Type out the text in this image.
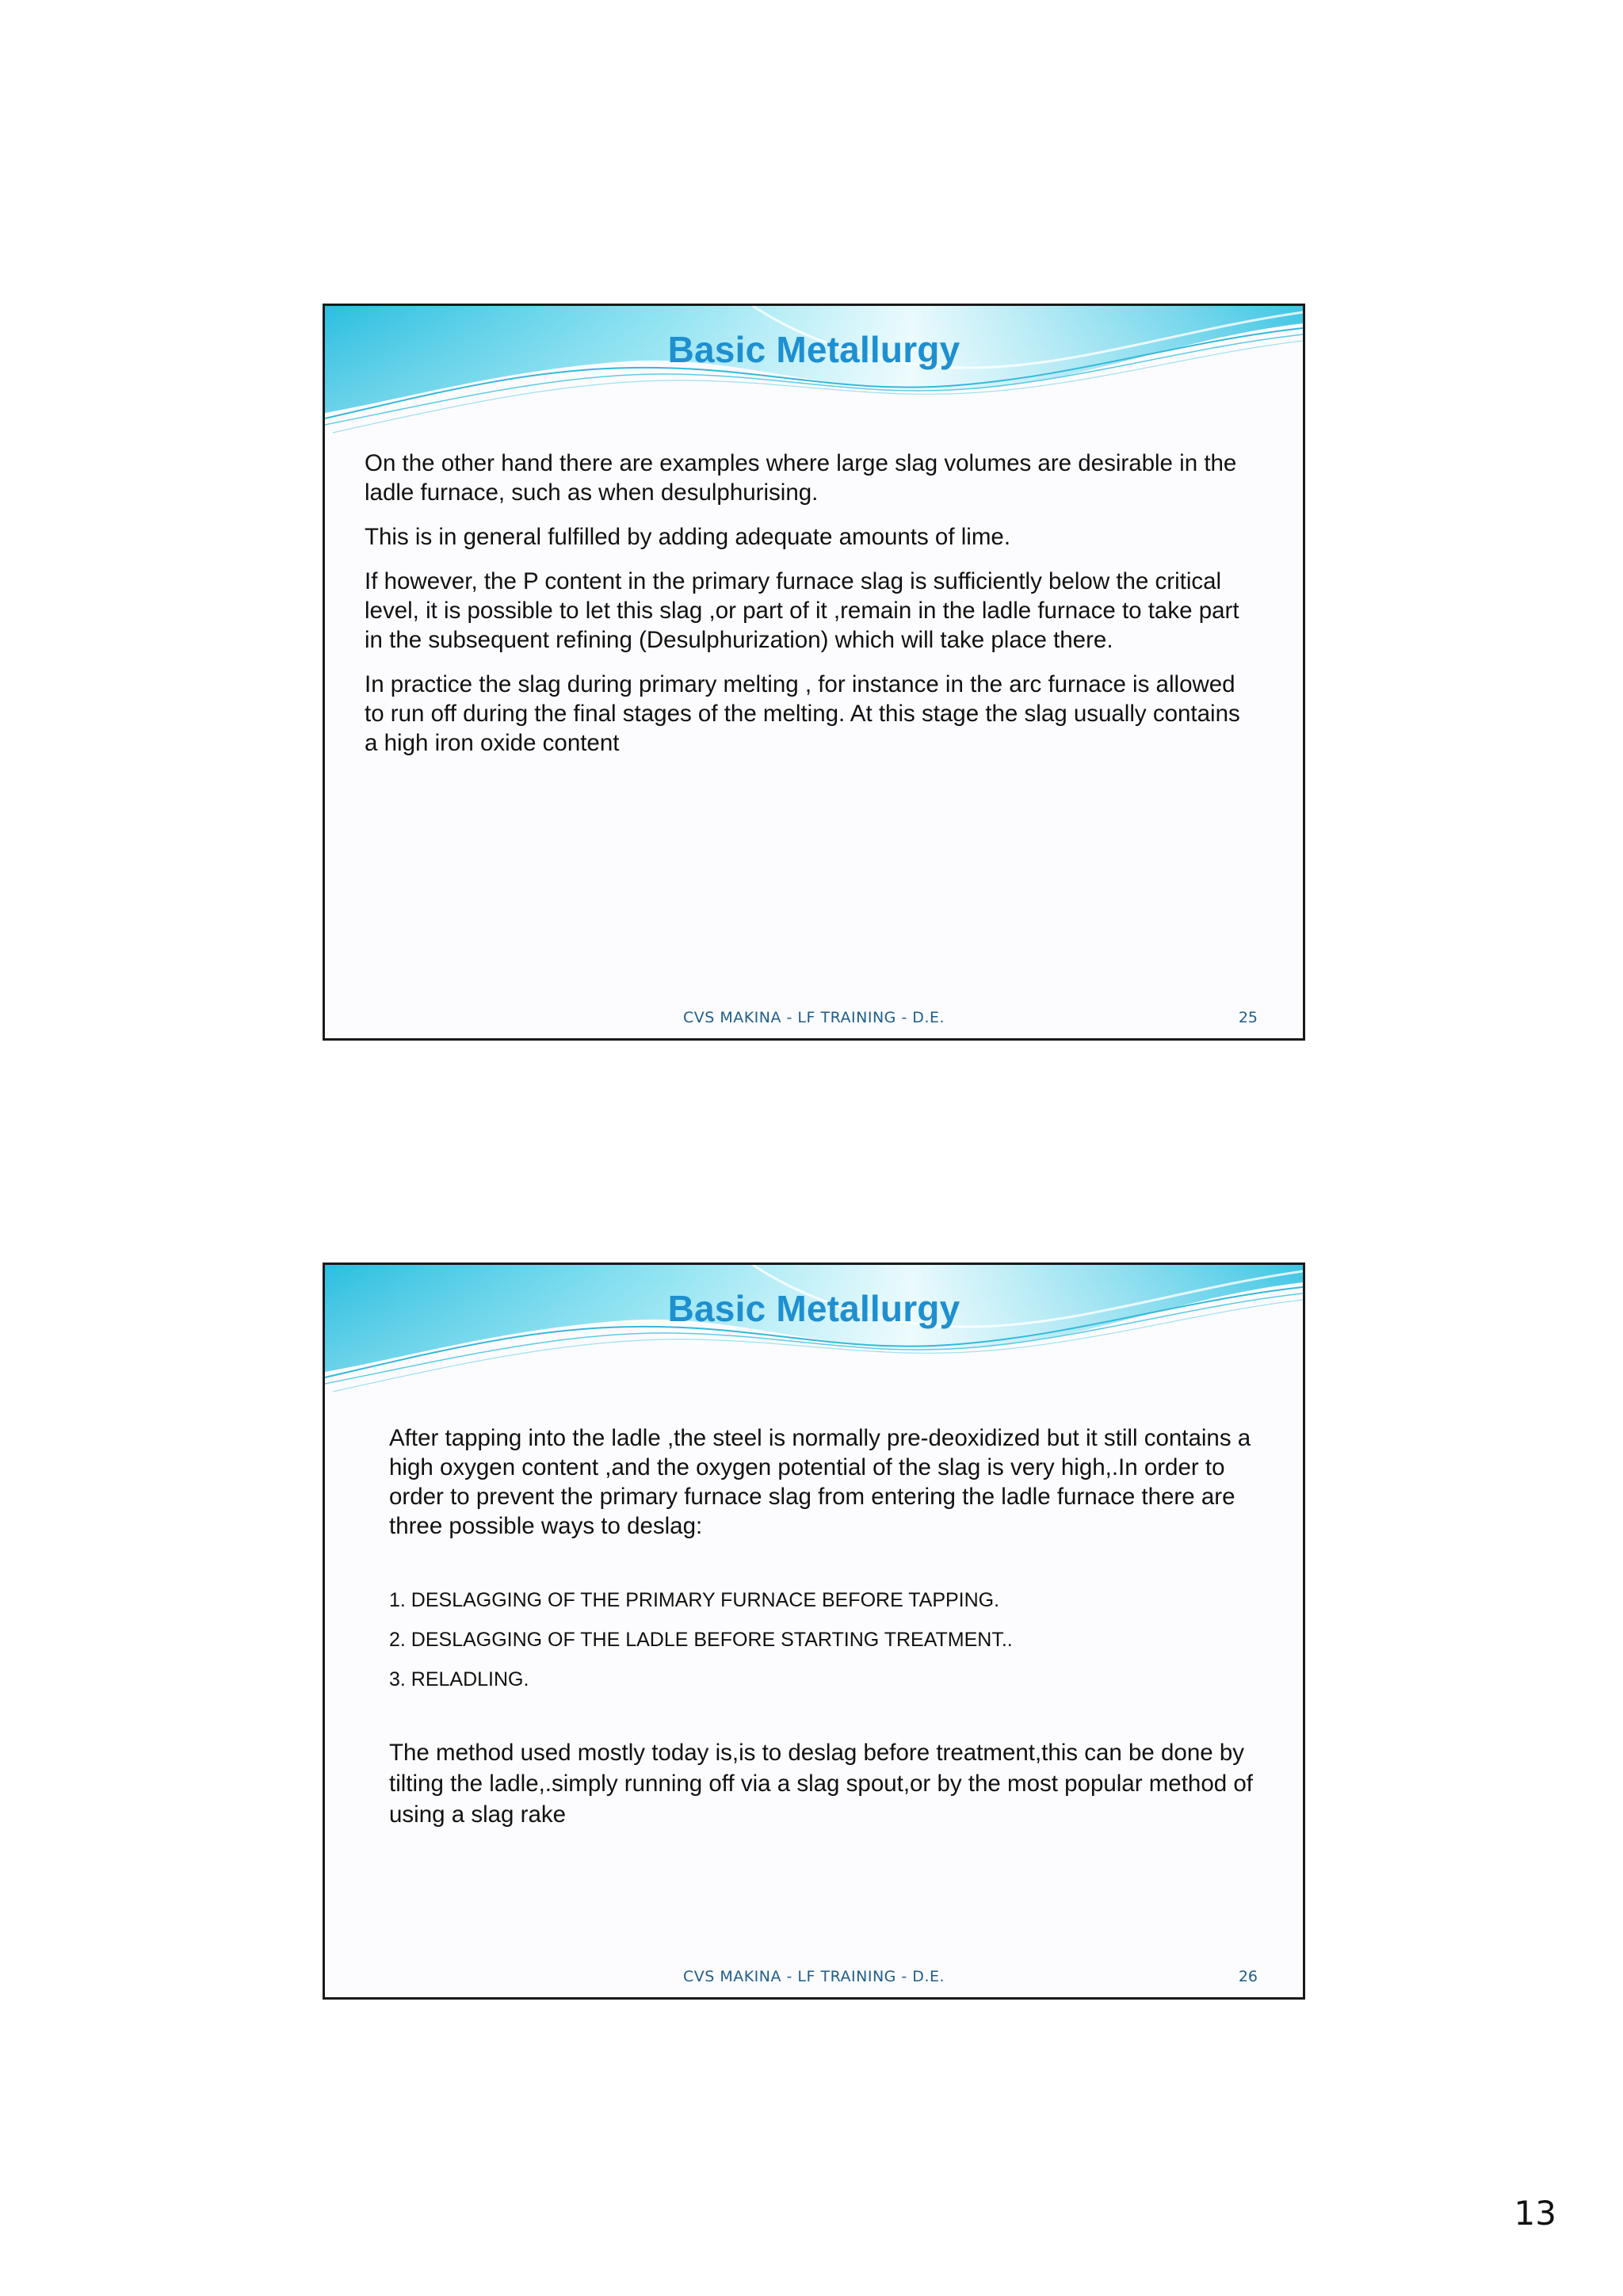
Basic Metallurgy

On the other hand there are examples where large slag volumes are desirable in the ladle furnace, such as when desulphurising.

This is in general fulfilled by adding adequate amounts of lime.

If however, the P content in the primary furnace slag is sufficiently below the critical level, it is possible to let this slag ,or part of it ,remain in the ladle furnace to take part in the subsequent refining (Desulphurization) which will take place there.

In practice the slag during primary melting , for instance in the arc furnace is allowed to run off during the final stages of the melting. At this stage the slag usually contains a high iron oxide content

CVS MAKINA - LF TRAINING - D.E.	25
Basic Metallurgy

After tapping into the ladle ,the steel is normally pre-deoxidized but it still contains a high oxygen content ,and the oxygen potential of the slag is very high,.In order to order to prevent the primary furnace slag from entering the ladle furnace there are three possible ways to deslag:

1. DESLAGGING OF THE PRIMARY FURNACE BEFORE TAPPING.
2. DESLAGGING OF THE LADLE BEFORE STARTING TREATMENT..
3. RELADLING.

The method used mostly today is,is to deslag before treatment,this can be done by tilting the ladle,.simply running off via a slag spout,or by the most popular method of using a slag rake

CVS MAKINA - LF TRAINING - D.E.	26
13
